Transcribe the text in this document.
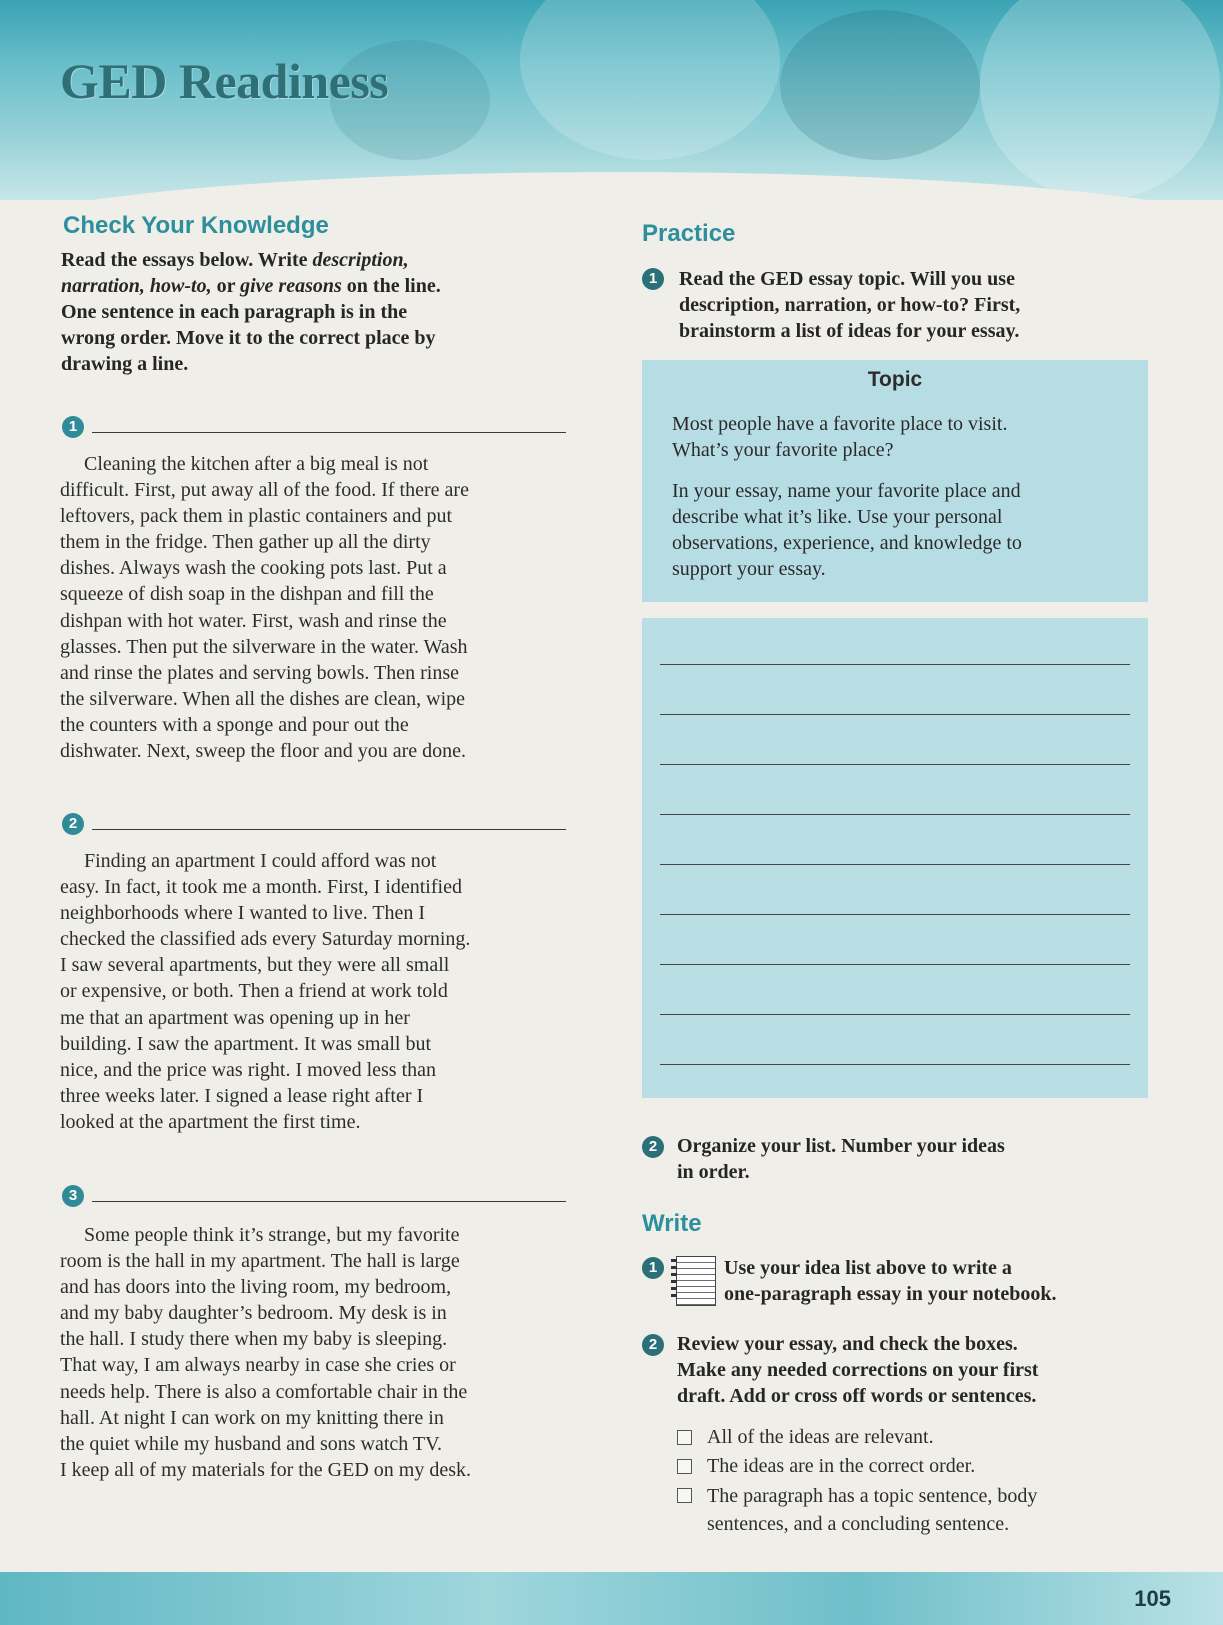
GED Readiness
Check Your Knowledge
Read the essays below. Write description,
narration, how-to, or give reasons on the line.
One sentence in each paragraph is in the
wrong order. Move it to the correct place by
drawing a line.
1
Cleaning the kitchen after a big meal is not
difficult. First, put away all of the food. If there are
leftovers, pack them in plastic containers and put
them in the fridge. Then gather up all the dirty
dishes. Always wash the cooking pots last. Put a
squeeze of dish soap in the dishpan and fill the
dishpan with hot water. First, wash and rinse the
glasses. Then put the silverware in the water. Wash
and rinse the plates and serving bowls. Then rinse
the silverware. When all the dishes are clean, wipe
the counters with a sponge and pour out the
dishwater. Next, sweep the floor and you are done.
2
Finding an apartment I could afford was not
easy. In fact, it took me a month. First, I identified
neighborhoods where I wanted to live. Then I
checked the classified ads every Saturday morning.
I saw several apartments, but they were all small
or expensive, or both. Then a friend at work told
me that an apartment was opening up in her
building. I saw the apartment. It was small but
nice, and the price was right. I moved less than
three weeks later. I signed a lease right after I
looked at the apartment the first time.
3
Some people think it’s strange, but my favorite
room is the hall in my apartment. The hall is large
and has doors into the living room, my bedroom,
and my baby daughter’s bedroom. My desk is in
the hall. I study there when my baby is sleeping.
That way, I am always nearby in case she cries or
needs help. There is also a comfortable chair in the
hall. At night I can work on my knitting there in
the quiet while my husband and sons watch TV.
I keep all of my materials for the GED on my desk.
Practice
1	Read the GED essay topic. Will you use
description, narration, or how-to? First,
brainstorm a list of ideas for your essay.
Topic
Most people have a favorite place to visit.
What’s your favorite place?
In your essay, name your favorite place and
describe what it’s like. Use your personal
observations, experience, and knowledge to
support your essay.
2 Organize your list. Number your ideas
in order.
Write
1	Use your idea list above to write a
one-paragraph essay in your notebook.
2 Review your essay, and check the boxes.
Make any needed corrections on your first
draft. Add or cross off words or sentences.
All of the ideas are relevant.
The ideas are in the correct order.
The paragraph has a topic sentence, body
sentences, and a concluding sentence.
105
